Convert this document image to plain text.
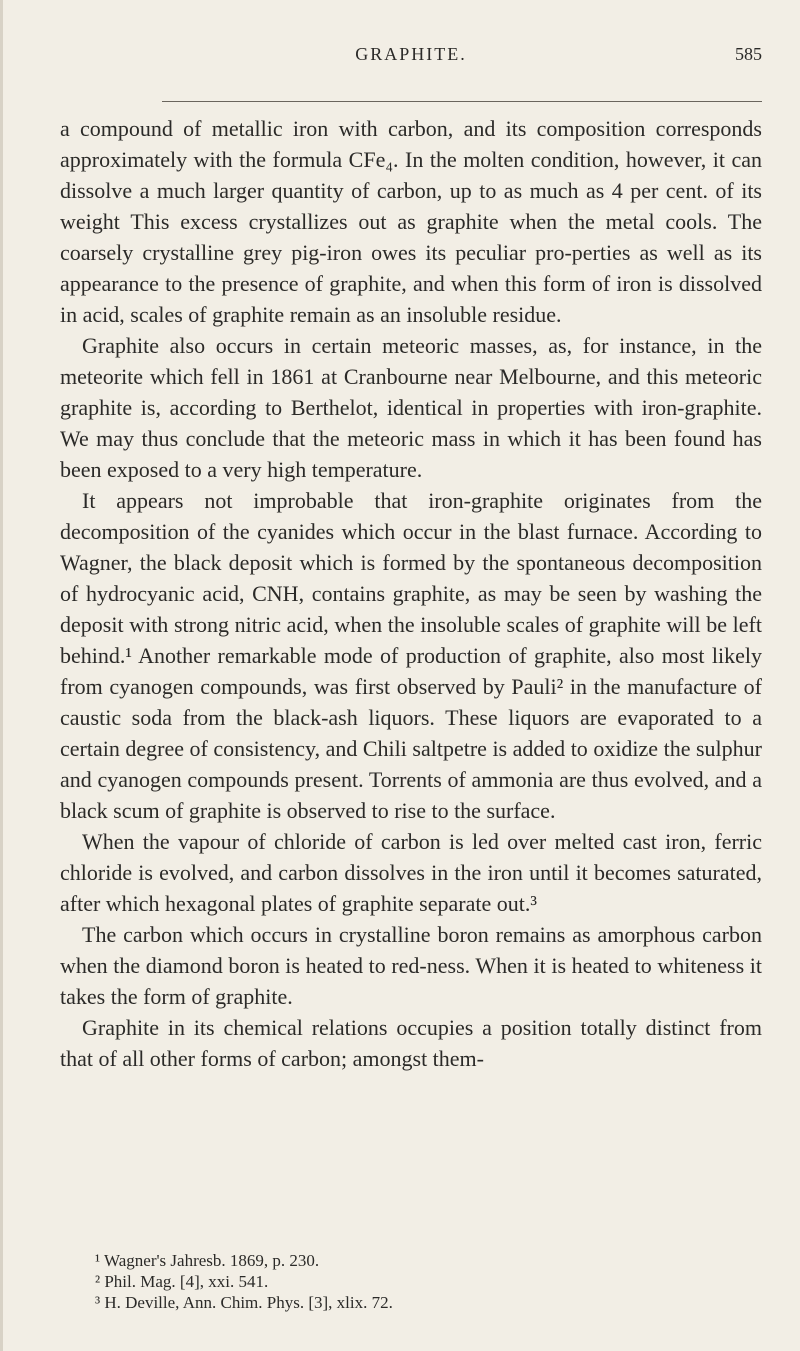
GRAPHITE.	585

a compound of metallic iron with carbon, and its composition corresponds approximately with the formula CFe₄. In the molten condition, however, it can dissolve a much larger quantity of carbon, up to as much as 4 per cent. of its weight This excess crystallizes out as graphite when the metal cools. The coarsely crystalline grey pig-iron owes its peculiar pro-perties as well as its appearance to the presence of graphite, and when this form of iron is dissolved in acid, scales of graphite remain as an insoluble residue.

Graphite also occurs in certain meteoric masses, as, for instance, in the meteorite which fell in 1861 at Cranbourne near Melbourne, and this meteoric graphite is, according to Berthelot, identical in properties with iron-graphite. We may thus conclude that the meteoric mass in which it has been found has been exposed to a very high temperature.

It appears not improbable that iron-graphite originates from the decomposition of the cyanides which occur in the blast furnace. According to Wagner, the black deposit which is formed by the spontaneous decomposition of hydrocyanic acid, CNH, contains graphite, as may be seen by washing the deposit with strong nitric acid, when the insoluble scales of graphite will be left behind.¹ Another remarkable mode of production of graphite, also most likely from cyanogen compounds, was first observed by Pauli² in the manufacture of caustic soda from the black-ash liquors. These liquors are evaporated to a certain degree of consistency, and Chili saltpetre is added to oxidize the sulphur and cyanogen compounds present. Torrents of ammonia are thus evolved, and a black scum of graphite is observed to rise to the surface.

When the vapour of chloride of carbon is led over melted cast iron, ferric chloride is evolved, and carbon dissolves in the iron until it becomes saturated, after which hexagonal plates of graphite separate out.³

The carbon which occurs in crystalline boron remains as amorphous carbon when the diamond boron is heated to red-ness. When it is heated to whiteness it takes the form of graphite.

Graphite in its chemical relations occupies a position totally distinct from that of all other forms of carbon; amongst them-

¹ Wagner's Jahresb. 1869, p. 230.
² Phil. Mag. [4], xxi. 541.
³ H. Deville, Ann. Chim. Phys. [3], xlix. 72.
